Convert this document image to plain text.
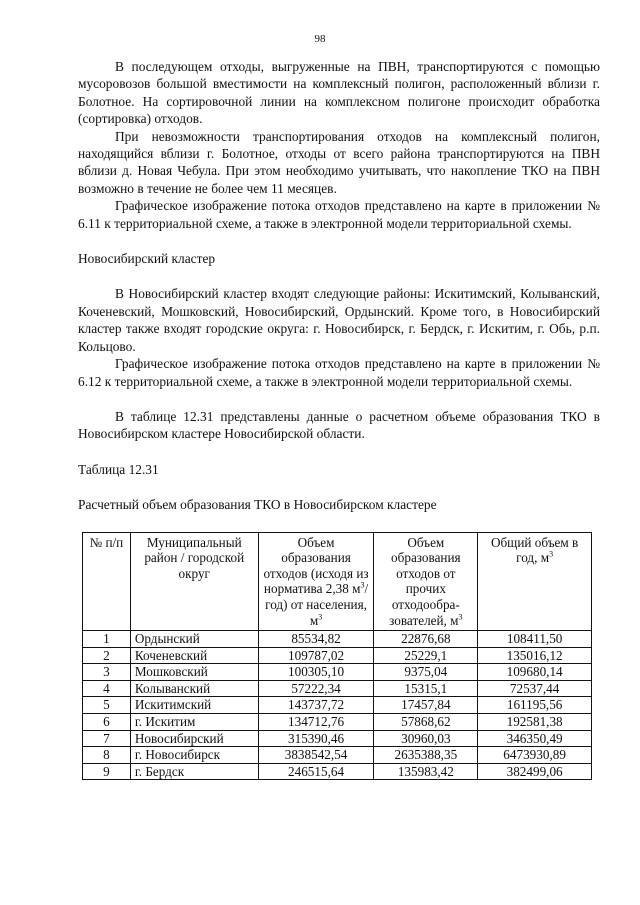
98

В последующем отходы, выгруженные на ПВН, транспортируются с помощью мусоровозов большой вместимости на комплексный полигон, расположенный вблизи г. Болотное. На сортировочной линии на комплексном полигоне происходит обработка (сортировка) отходов.

При невозможности транспортирования отходов на комплексный полигон, находящийся вблизи г. Болотное, отходы от всего района транспортируются на ПВН вблизи д. Новая Чебула. При этом необходимо учитывать, что накопление ТКО на ПВН возможно в течение не более чем 11 месяцев.

Графическое изображение потока отходов представлено на карте в приложении № 6.11 к территориальной схеме, а также в электронной модели территориальной схемы.

Новосибирский кластер

В Новосибирский кластер входят следующие районы: Искитимский, Колыванский, Коченевский, Мошковский, Новосибирский, Ордынский. Кроме того, в Новосибирский кластер также входят городские округа: г. Новосибирск, г. Бердск, г. Искитим, г. Обь, р.п. Кольцово.

Графическое изображение потока отходов представлено на карте в приложении № 6.12 к территориальной схеме, а также в электронной модели территориальной схемы.

В таблице 12.31 представлены данные о расчетном объеме образования ТКО в Новосибирском кластере Новосибирской области.

Таблица 12.31

Расчетный объем образования ТКО в Новосибирском кластере

№ п/п	Муниципальный район / городской округ	Объем образования отходов (исходя из норматива 2,38 $м^3/год$) от населения, $м^3$	Объем образования отходов от прочих отходообра-зователей, $м^3$	Общий объем в год, $м^3$
1	Ордынский	85534,82	22876,68	108411,50
2	Коченевский	109787,02	25229,1	135016,12
3	Мошковский	100305,10	9375,04	109680,14
4	Колыванский	57222,34	15315,1	72537,44
5	Искитимский	143737,72	17457,84	161195,56
6	г. Искитим	134712,76	57868,62	192581,38
7	Новосибирский	315390,46	30960,03	346350,49
8	г. Новосибирск	3838542,54	2635388,35	6473930,89
9	г. Бердск	246515,64	135983,42	382499,06
